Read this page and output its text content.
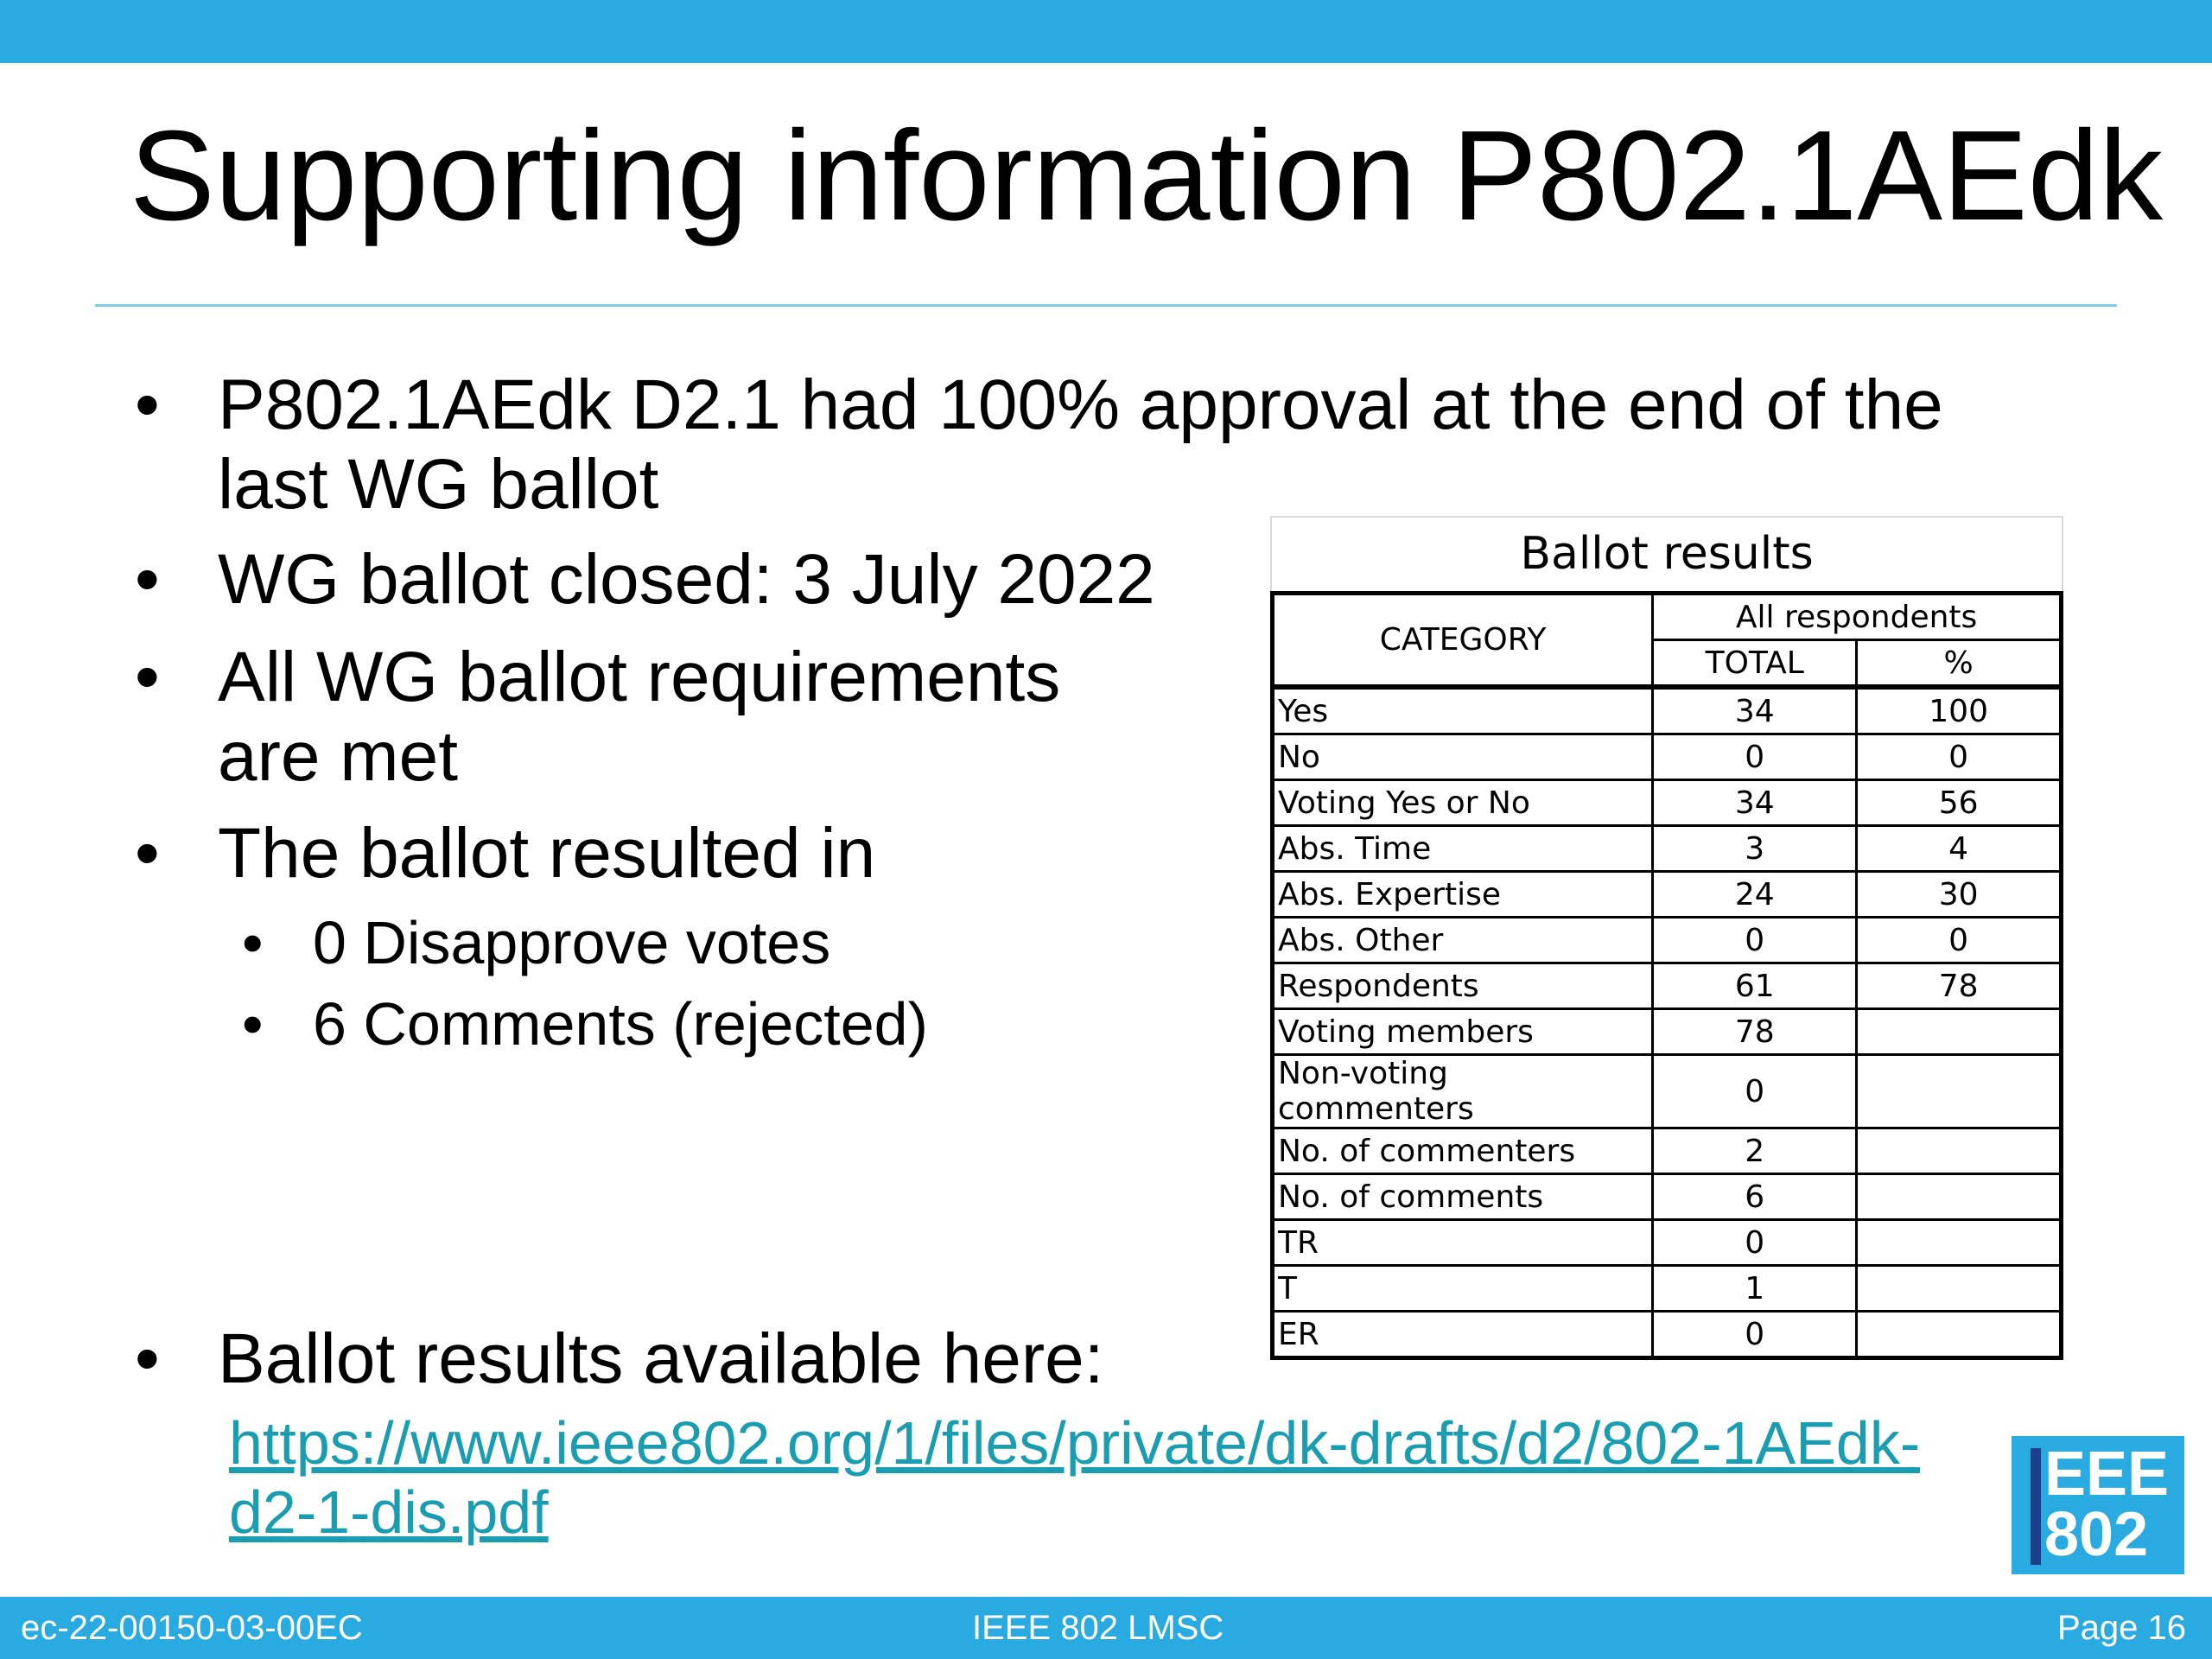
Supporting information P802.1AEdk
• P802.1AEdk D2.1 had 100% approval at the end of the last WG ballot
• WG ballot closed: 3 July 2022
• All WG ballot requirements are met
• The ballot resulted in
• 0 Disapprove votes
• 6 Comments (rejected)
• Ballot results available here:
https://www.ieee802.org/1/files/private/dk-drafts/d2/802-1AEdk-d2-1-dis.pdf
Ballot results
CATEGORY	All respondents	
	TOTAL	%
Yes	34	100
No	0	0
Voting Yes or No	34	56
Abs. Time	3	4
Abs. Expertise	24	30
Abs. Other	0	0
Respondents	61	78
Voting members	78	
Non-voting commenters	0	
No. of commenters	2	
No. of comments	6	
TR	0	
T	1	
ER	0	
EEE
802
ec-22-00150-03-00EC	IEEE 802 LMSC	Page 16
